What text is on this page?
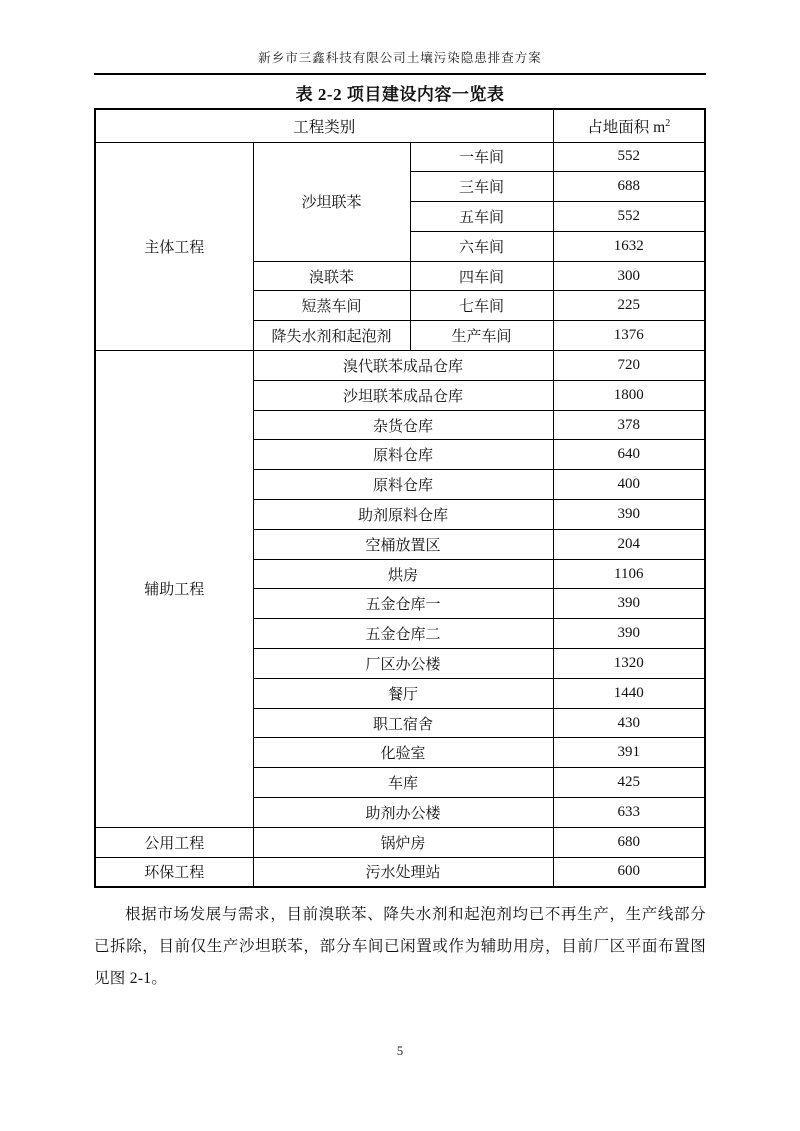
新乡市三鑫科技有限公司土壤污染隐患排查方案
表 2-2 项目建设内容一览表
工程类别			占地面积 $m^2$
主体工程	沙坦联苯	一车间	552
		三车间	688
		五车间	552
		六车间	1632
	溴联苯	四车间	300
	短蒸车间	七车间	225
	降失水剂和起泡剂	生产车间	1376
辅助工程	溴代联苯成品仓库		720
	沙坦联苯成品仓库		1800
	杂货仓库		378
	原料仓库		640
	原料仓库		400
	助剂原料仓库		390
	空桶放置区		204
	烘房		1106
	五金仓库一		390
	五金仓库二		390
	厂区办公楼		1320
	餐厅		1440
	职工宿舍		430
	化验室		391
	车库		425
	助剂办公楼		633
公用工程	锅炉房		680
环保工程	污水处理站		600

根据市场发展与需求，目前溴联苯、降失水剂和起泡剂均已不再生产，生产线部分已拆除，目前仅生产沙坦联苯，部分车间已闲置或作为辅助用房，目前厂区平面布置图见图 2-1。

5
